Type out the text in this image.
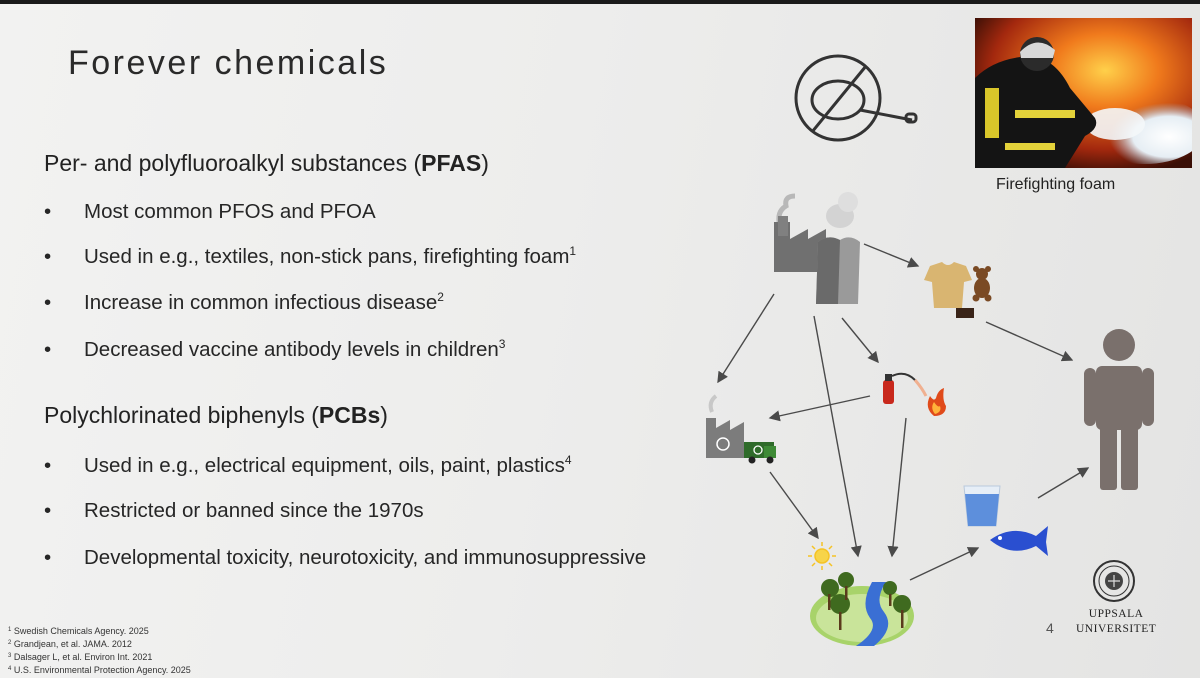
Forever chemicals
Per- and polyfluoroalkyl substances (PFAS)
• Most common PFOS and PFOA
• Used in e.g., textiles, non-stick pans, firefighting foam$^1$
• Increase in common infectious disease$^2$
• Decreased vaccine antibody levels in children$^3$
Polychlorinated biphenyls (PCBs)
• Used in e.g., electrical equipment, oils, paint, plastics$^4$
• Restricted or banned since the 1970s
• Developmental toxicity, neurotoxicity, and immunosuppressive
$^1$ Swedish Chemicals Agency. 2025
$^2$ Grandjean, et al. JAMA. 2012
$^3$ Dalsager L, et al. Environ Int. 2021
$^4$ U.S. Environmental Protection Agency. 2025
Firefighting foam
4
UPPSALA
UNIVERSITET
